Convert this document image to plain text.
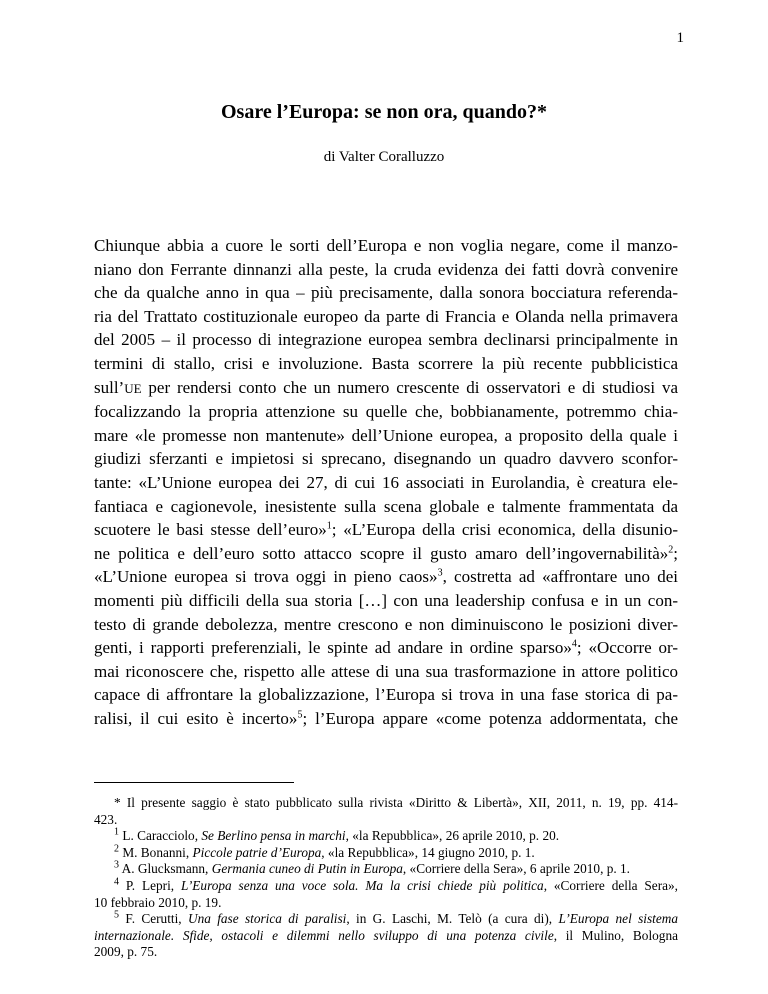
1
Osare l’Europa: se non ora, quando?*
di Valter Coralluzzo
Chiunque abbia a cuore le sorti dell’Europa e non voglia negare, come il manzo-
niano don Ferrante dinnanzi alla peste, la cruda evidenza dei fatti dovrà convenire
che da qualche anno in qua – più precisamente, dalla sonora bocciatura referenda-
ria del Trattato costituzionale europeo da parte di Francia e Olanda nella primavera
del 2005 – il processo di integrazione europea sembra declinarsi principalmente in
termini di stallo, crisi e involuzione. Basta scorrere la più recente pubblicistica
sull’UE per rendersi conto che un numero crescente di osservatori e di studiosi va
focalizzando la propria attenzione su quelle che, bobbianamente, potremmo chia-
mare «le promesse non mantenute» dell’Unione europea, a proposito della quale i
giudizi sferzanti e impietosi si sprecano, disegnando un quadro davvero sconfor-
tante: «L’Unione europea dei 27, di cui 16 associati in Eurolandia, è creatura ele-
fantiaca e cagionevole, inesistente sulla scena globale e talmente frammentata da
scuotere le basi stesse dell’euro»$^1$; «L’Europa della crisi economica, della disunio-
ne politica e dell’euro sotto attacco scopre il gusto amaro dell’ingovernabilità»$^2$;
«L’Unione europea si trova oggi in pieno caos»$^3$, costretta ad «affrontare uno dei
momenti più difficili della sua storia […] con una leadership confusa e in un con-
testo di grande debolezza, mentre crescono e non diminuiscono le posizioni diver-
genti, i rapporti preferenziali, le spinte ad andare in ordine sparso»$^4$; «Occorre or-
mai riconoscere che, rispetto alle attese di una sua trasformazione in attore politico
capace di affrontare la globalizzazione, l’Europa si trova in una fase storica di pa-
ralisi, il cui esito è incerto»$^5$; l’Europa appare «come potenza addormentata, che
* Il presente saggio è stato pubblicato sulla rivista «Diritto & Libertà», XII, 2011, n. 19, pp. 414-
423.
$^1$ L. Caracciolo, Se Berlino pensa in marchi, «la Repubblica», 26 aprile 2010, p. 20.
$^2$ M. Bonanni, Piccole patrie d’Europa, «la Repubblica», 14 giugno 2010, p. 1.
$^3$ A. Glucksmann, Germania cuneo di Putin in Europa, «Corriere della Sera», 6 aprile 2010, p. 1.
$^4$ P. Lepri, L’Europa senza una voce sola. Ma la crisi chiede più politica, «Corriere della Sera»,
10 febbraio 2010, p. 19.
$^5$ F. Cerutti, Una fase storica di paralisi, in G. Laschi, M. Telò (a cura di), L’Europa nel sistema
internazionale. Sfide, ostacoli e dilemmi nello sviluppo di una potenza civile, il Mulino, Bologna
2009, p. 75.
